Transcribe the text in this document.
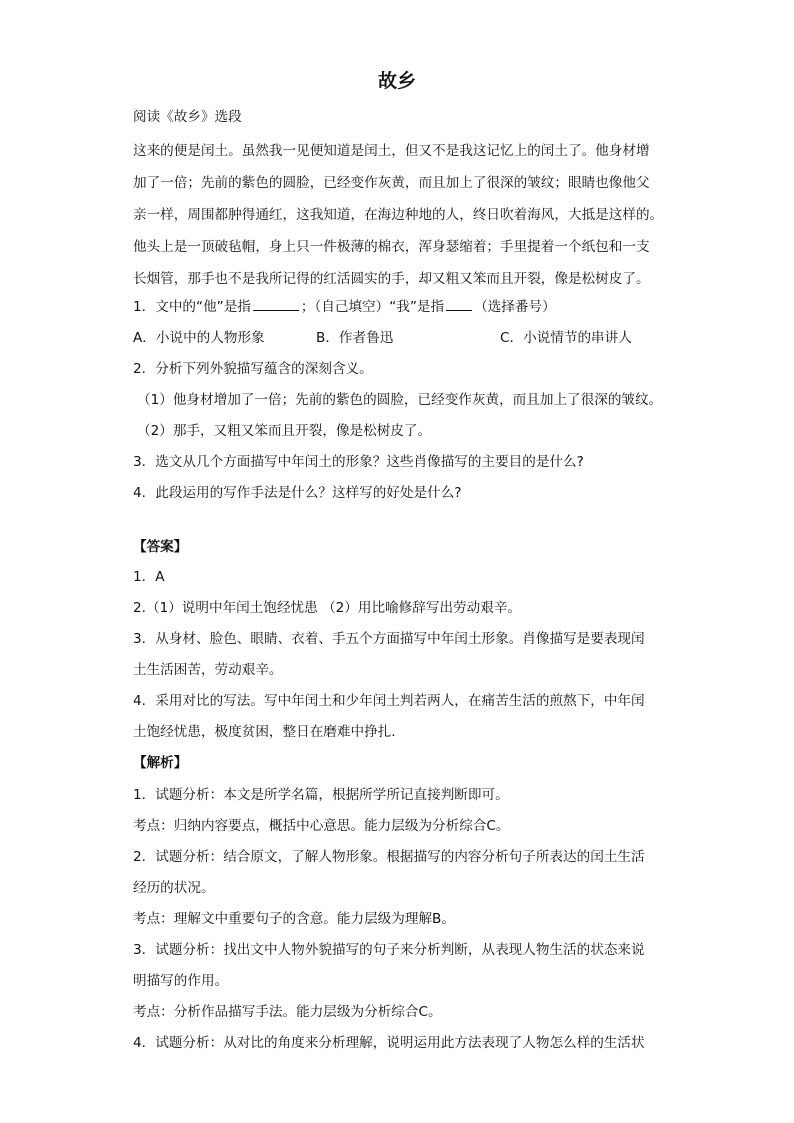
故乡
阅读《故乡》选段
这来的便是闰土。虽然我一见便知道是闰土，但又不是我这记忆上的闰土了。他身材增
加了一倍；先前的紫色的圆脸，已经变作灰黄，而且加上了很深的皱纹；眼睛也像他父
亲一样，周围都肿得通红，这我知道，在海边种地的人，终日吹着海风，大抵是这样的。
他头上是一顶破毡帽，身上只一件极薄的棉衣，浑身瑟缩着；手里提着一个纸包和一支
长烟管，那手也不是我所记得的红活圆实的手，却又粗又笨而且开裂，像是松树皮了。
1．文中的“他”是指	；（自己填空）“我”是指 （选择番号）
A．小说中的人物形象	B．作者鲁迅	C．小说情节的串讲人
2．分析下列外貌描写蕴含的深刻含义。
（1）他身材增加了一倍；先前的紫色的圆脸，已经变作灰黄，而且加上了很深的皱纹。
（2）那手，又粗又笨而且开裂，像是松树皮了。
3．选文从几个方面描写中年闰土的形象？这些肖像描写的主要目的是什么?
4．此段运用的写作手法是什么？这样写的好处是什么?
【答案】
1．A
2.（1）说明中年闰土饱经忧患 （2）用比喻修辞写出劳动艰辛。
3．从身材、脸色、眼睛、衣着、手五个方面描写中年闰土形象。肖像描写是要表现闰
土生活困苦，劳动艰辛。
4．采用对比的写法。写中年闰土和少年闰土判若两人，在痛苦生活的煎熬下，中年闰
土饱经忧患，极度贫困，整日在磨难中挣扎.
【解析】
1．试题分析：本文是所学名篇，根据所学所记直接判断即可。
考点：归纳内容要点，概括中心意思。能力层级为分析综合C。
2．试题分析：结合原文，了解人物形象。根据描写的内容分析句子所表达的闰土生活
经历的状况。
考点：理解文中重要句子的含意。能力层级为理解B。
3．试题分析：找出文中人物外貌描写的句子来分析判断，从表现人物生活的状态来说
明描写的作用。
考点：分析作品描写手法。能力层级为分析综合C。
4．试题分析：从对比的角度来分析理解，说明运用此方法表现了人物怎么样的生活状
